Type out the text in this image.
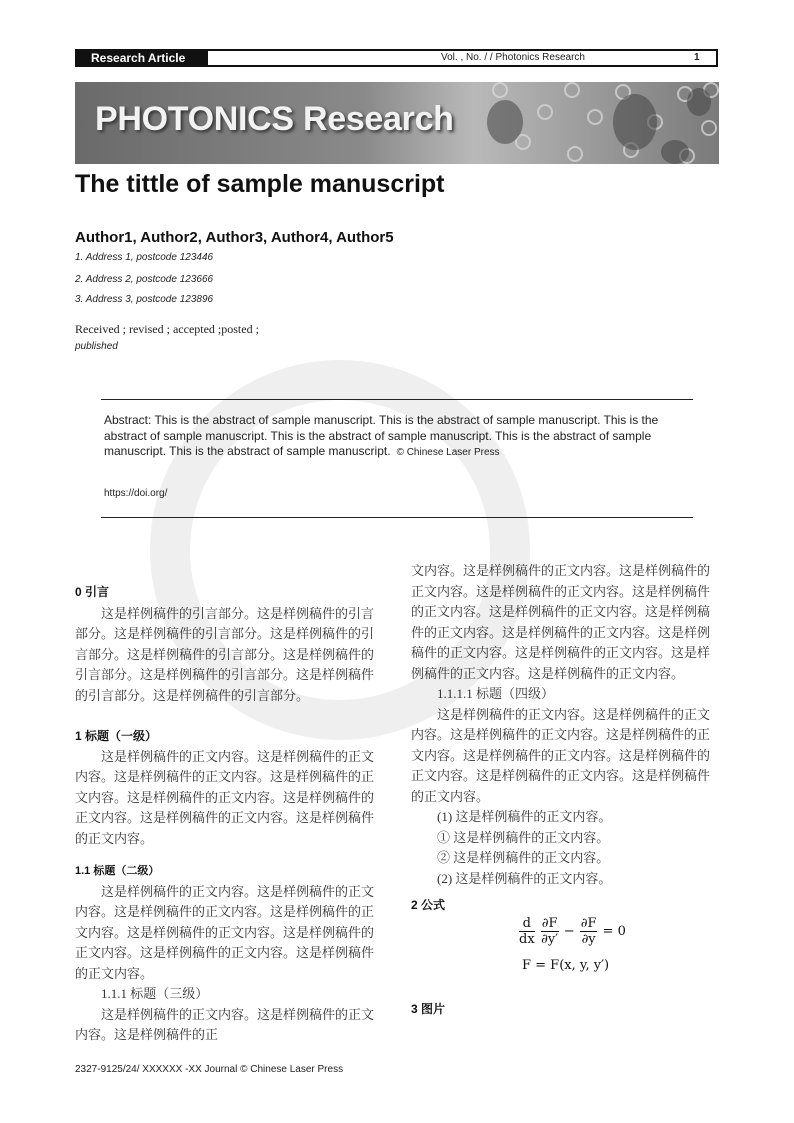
Research Article	Vol. , No. / / Photonics Research	1
PHOTONICS Research
The tittle of sample manuscript
Author1, Author2, Author3, Author4, Author5
1. Address 1, postcode 123446
2. Address 2, postcode 123666
3. Address 3, postcode 123896
Received ; revised ; accepted ;posted ;
published
Abstract: This is the abstract of sample manuscript. This is the abstract of sample manuscript. This is the abstract of sample manuscript. This is the abstract of sample manuscript. This is the abstract of sample manuscript. This is the abstract of sample manuscript. © Chinese Laser Press
https://doi.org/
0 引言
这是样例稿件的引言部分。这是样例稿件的引言部分。这是样例稿件的引言部分。这是样例稿件的引言部分。这是样例稿件的引言部分。这是样例稿件的引言部分。这是样例稿件的引言部分。这是样例稿件的引言部分。这是样例稿件的引言部分。
1 标题（一级）
这是样例稿件的正文内容。这是样例稿件的正文内容。这是样例稿件的正文内容。这是样例稿件的正文内容。这是样例稿件的正文内容。这是样例稿件的正文内容。这是样例稿件的正文内容。这是样例稿件的正文内容。
1.1 标题（二级）
这是样例稿件的正文内容。这是样例稿件的正文内容。这是样例稿件的正文内容。这是样例稿件的正文内容。这是样例稿件的正文内容。这是样例稿件的正文内容。这是样例稿件的正文内容。这是样例稿件的正文内容。
1.1.1 标题（三级）
这是样例稿件的正文内容。这是样例稿件的正文内容。这是样例稿件的正
文内容。这是样例稿件的正文内容。这是样例稿件的正文内容。这是样例稿件的正文内容。这是样例稿件的正文内容。这是样例稿件的正文内容。这是样例稿件的正文内容。这是样例稿件的正文内容。这是样例稿件的正文内容。这是样例稿件的正文内容。这是样例稿件的正文内容。这是样例稿件的正文内容。
1.1.1.1 标题（四级）
这是样例稿件的正文内容。这是样例稿件的正文内容。这是样例稿件的正文内容。这是样例稿件的正文内容。这是样例稿件的正文内容。这是样例稿件的正文内容。这是样例稿件的正文内容。这是样例稿件的正文内容。
(1) 这是样例稿件的正文内容。
① 这是样例稿件的正文内容。
② 这是样例稿件的正文内容。
(2) 这是样例稿件的正文内容。
2 公式
$\frac{d}{dx}$
$\frac{\partial F}{\partial y'} - \frac{\partial F}{\partial y} = 0$
F = F(x, y, y′)
3 图片
2327-9125/24/ XXXXXX -XX Journal © Chinese Laser Press
